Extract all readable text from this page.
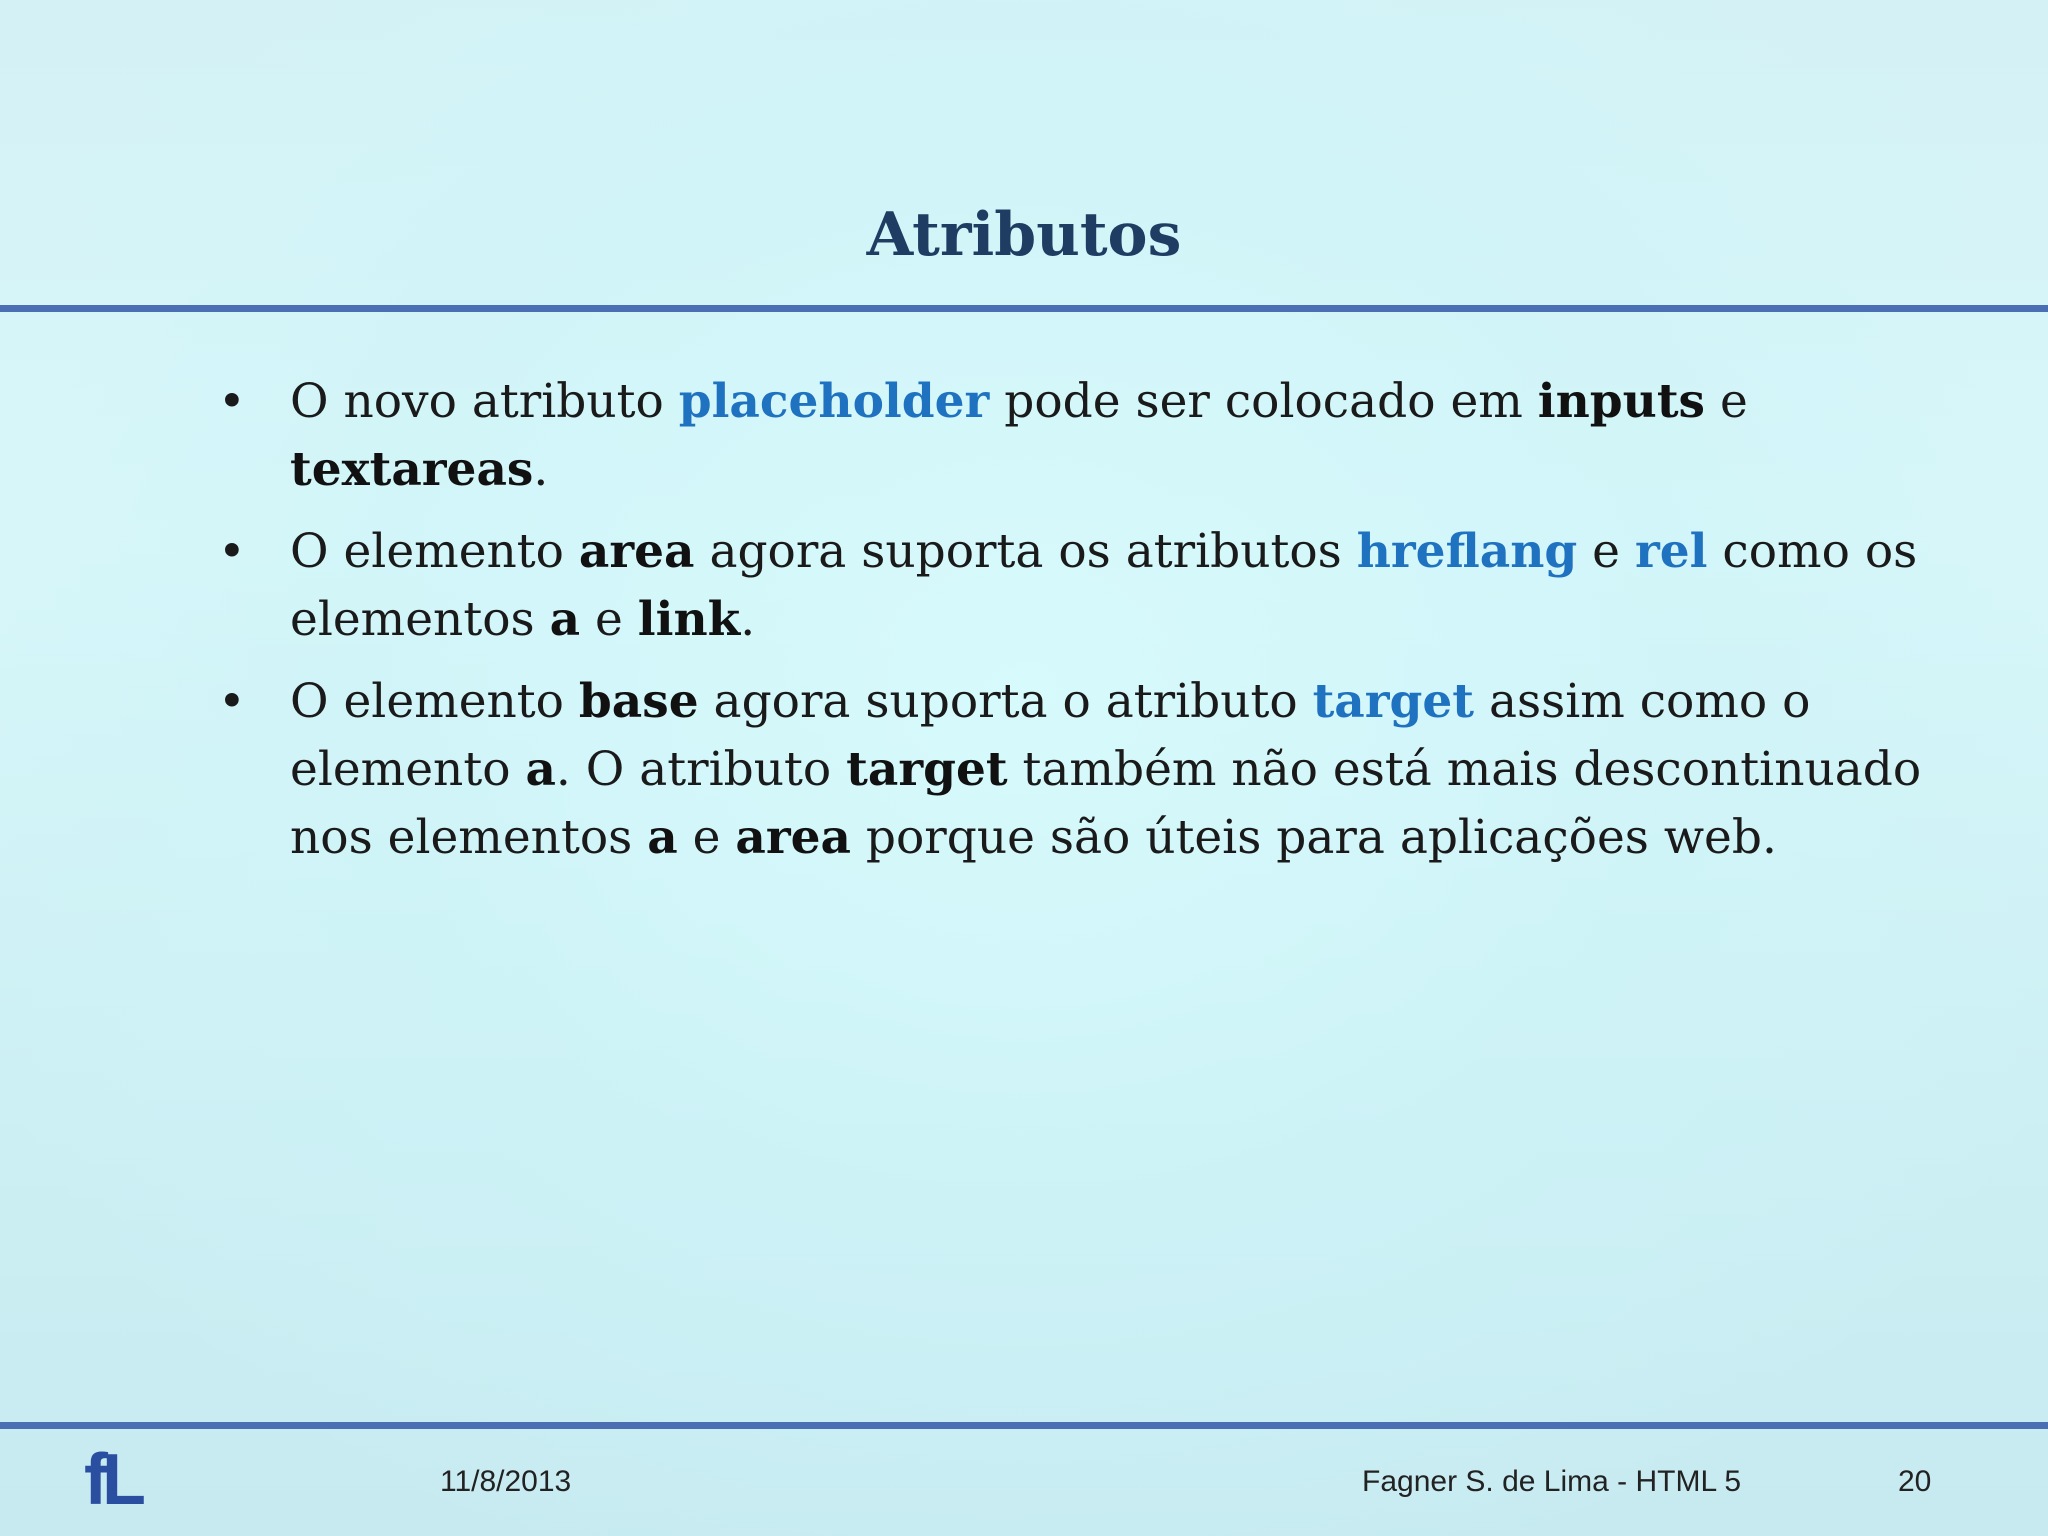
Atributos
• O novo atributo placeholder pode ser colocado em inputs e textareas.
• O elemento area agora suporta os atributos hreflang e rel como os elementos a e link.
• O elemento base agora suporta o atributo target assim como o elemento a. O atributo target também não está mais descontinuado nos elementos a e area porque são úteis para aplicações web.
fL	11/8/2013	Fagner S. de Lima - HTML 5	20
